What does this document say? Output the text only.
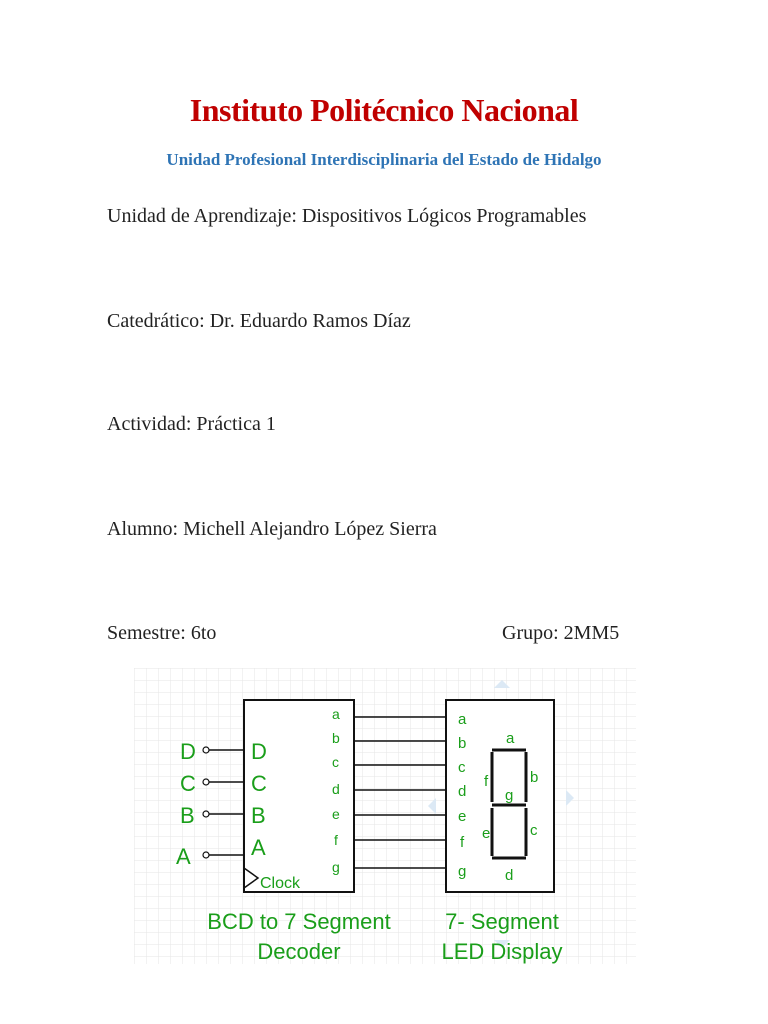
Instituto Politécnico Nacional
Unidad Profesional Interdisciplinaria del Estado de Hidalgo
Unidad de Aprendizaje: Dispositivos Lógicos Programables
Catedrático: Dr. Eduardo Ramos Díaz
Actividad: Práctica 1
Alumno: Michell Alejandro López Sierra
Semestre: 6to	Grupo: 2MM5
D
C
B
A
D
C
B
A
Clock
a
b
c
d
e
f
g
a
b
c
d
e
f
g
a
b
c
d
e
f
g
BCD to 7 Segment
Decoder
7- Segment
LED Display
